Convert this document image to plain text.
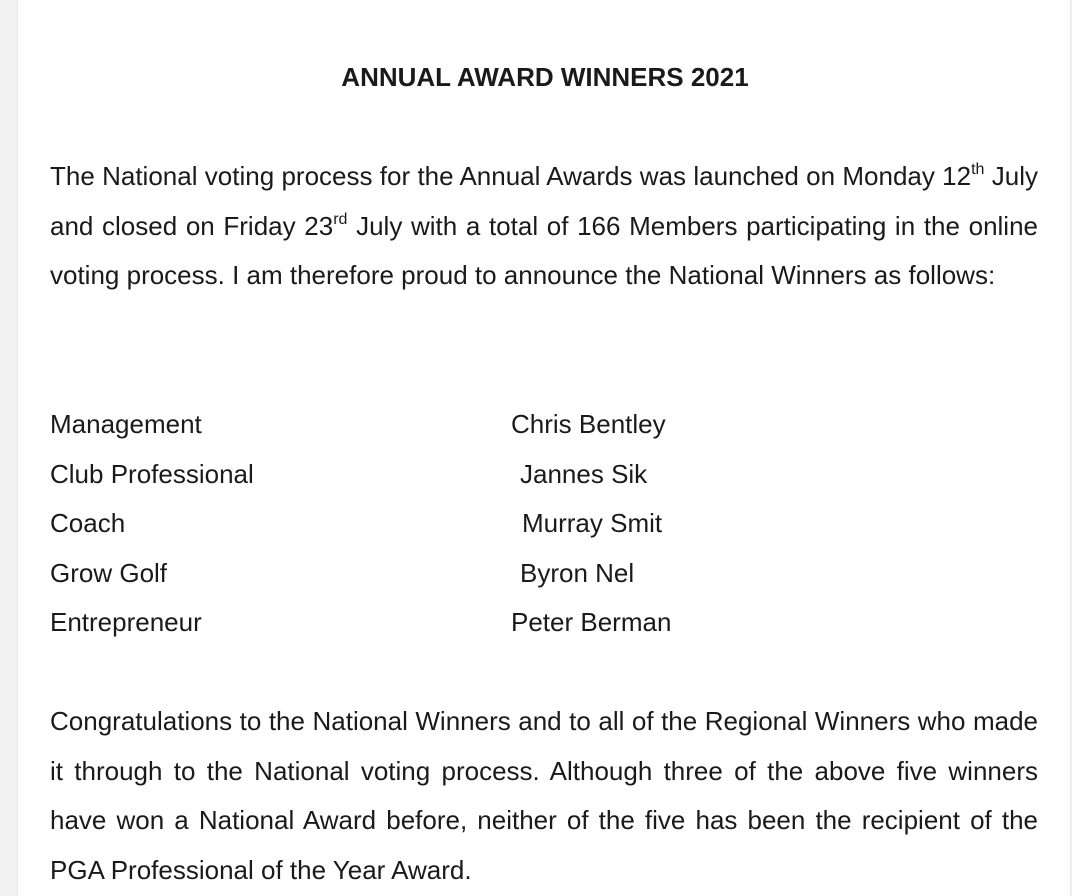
ANNUAL AWARD WINNERS 2021

The National voting process for the Annual Awards was launched on Monday 12th July and closed on Friday 23rd July with a total of 166 Members participating in the online voting process. I am therefore proud to announce the National Winners as follows:

Management	Chris Bentley
Club Professional	Jannes Sik
Coach	Murray Smit
Grow Golf	Byron Nel
Entrepreneur	Peter Berman

Congratulations to the National Winners and to all of the Regional Winners who made it through to the National voting process. Although three of the above five winners have won a National Award before, neither of the five has been the recipient of the PGA Professional of the Year Award.
